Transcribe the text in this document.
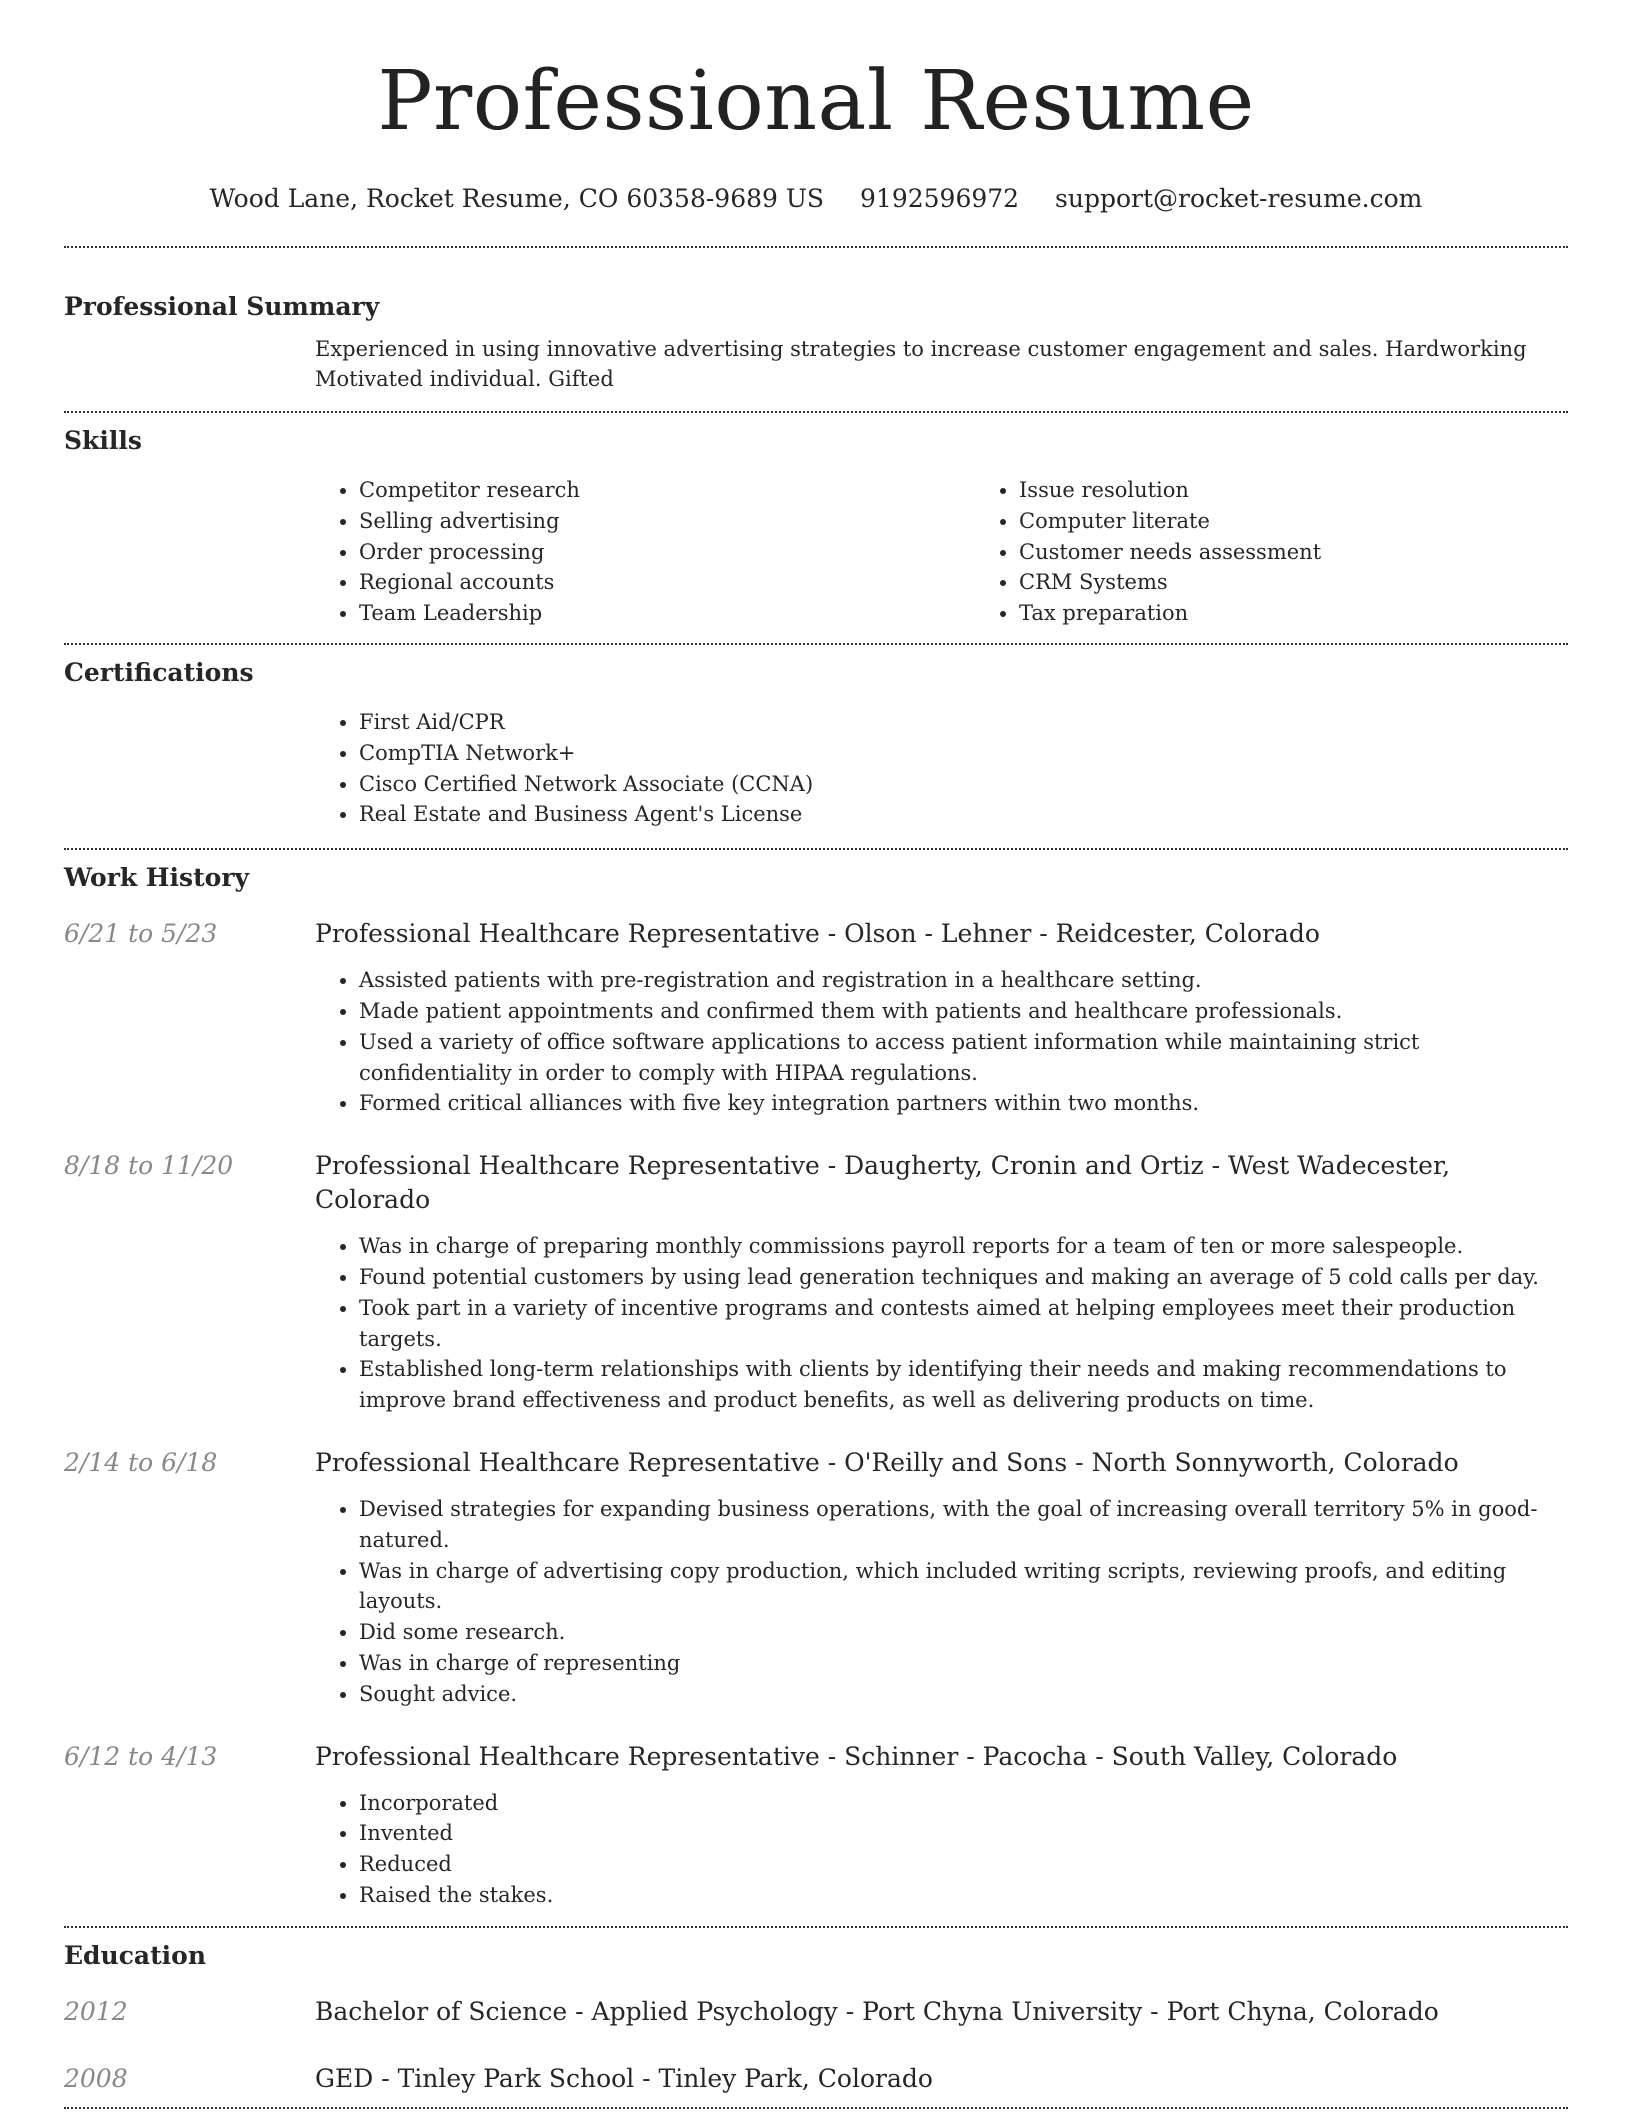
Professional Resume
Wood Lane, Rocket Resume, CO 60358-9689 US 9192596972 support@rocket-resume.com
Professional Summary
Experienced in using innovative advertising strategies to increase customer engagement and sales. Hardworking Motivated individual. Gifted
Skills
• Competitor research
• Selling advertising
• Order processing
• Regional accounts
• Team Leadership
• Issue resolution
• Computer literate
• Customer needs assessment
• CRM Systems
• Tax preparation
Certifications
• First Aid/CPR
• CompTIA Network+
• Cisco Certified Network Associate (CCNA)
• Real Estate and Business Agent's License
Work History
6/21 to 5/23	Professional Healthcare Representative - Olson - Lehner - Reidcester, Colorado
• Assisted patients with pre-registration and registration in a healthcare setting.
• Made patient appointments and confirmed them with patients and healthcare professionals.
• Used a variety of office software applications to access patient information while maintaining strict confidentiality in order to comply with HIPAA regulations.
• Formed critical alliances with five key integration partners within two months.
8/18 to 11/20	Professional Healthcare Representative - Daugherty, Cronin and Ortiz - West Wadecester, Colorado
• Was in charge of preparing monthly commissions payroll reports for a team of ten or more salespeople.
• Found potential customers by using lead generation techniques and making an average of 5 cold calls per day.
• Took part in a variety of incentive programs and contests aimed at helping employees meet their production targets.
• Established long-term relationships with clients by identifying their needs and making recommendations to improve brand effectiveness and product benefits, as well as delivering products on time.
2/14 to 6/18	Professional Healthcare Representative - O'Reilly and Sons - North Sonnyworth, Colorado
• Devised strategies for expanding business operations, with the goal of increasing overall territory 5% in good-natured.
• Was in charge of advertising copy production, which included writing scripts, reviewing proofs, and editing layouts.
• Did some research.
• Was in charge of representing
• Sought advice.
6/12 to 4/13	Professional Healthcare Representative - Schinner - Pacocha - South Valley, Colorado
• Incorporated
• Invented
• Reduced
• Raised the stakes.
Education
2012	Bachelor of Science - Applied Psychology - Port Chyna University - Port Chyna, Colorado
2008	GED - Tinley Park School - Tinley Park, Colorado
